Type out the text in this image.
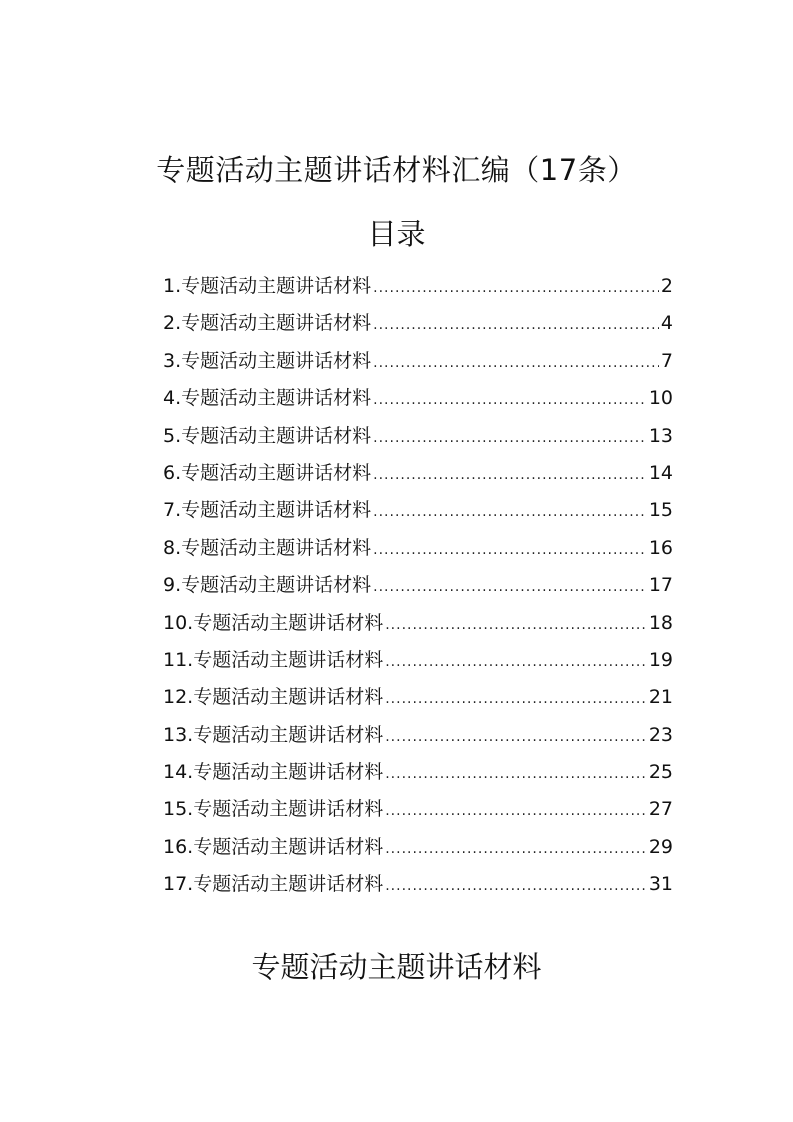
专题活动主题讲话材料汇编（17条）
目录
1.专题活动主题讲话材料 .....	2
2.专题活动主题讲话材料 .....	4
3.专题活动主题讲话材料 .....	7
4.专题活动主题讲话材料 .....	10
5.专题活动主题讲话材料 .....	13
6.专题活动主题讲话材料 .....	14
7.专题活动主题讲话材料 .....	15
8.专题活动主题讲话材料 .....	16
9.专题活动主题讲话材料 .....	17
10.专题活动主题讲话材料 .....	18
11.专题活动主题讲话材料 .....	19
12.专题活动主题讲话材料 .....	21
13.专题活动主题讲话材料 .....	23
14.专题活动主题讲话材料 .....	25
15.专题活动主题讲话材料 .....	27
16.专题活动主题讲话材料 .....	29
17.专题活动主题讲话材料 .....	31
专题活动主题讲话材料
